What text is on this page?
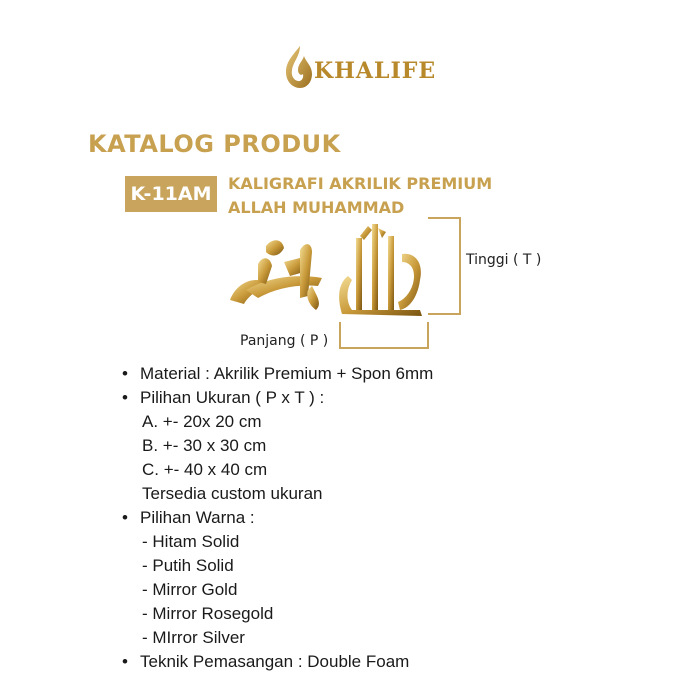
KHALIFE
KATALOG PRODUK
K-11AM	KALIGRAFI AKRILIK PREMIUM
ALLAH MUHAMMAD
Tinggi ( T )
Panjang ( P )
• Material : Akrilik Premium + Spon 6mm
• Pilihan Ukuran ( P x T ) :
A. +- 20x 20 cm
B. +- 30 x 30 cm
C. +- 40 x 40 cm
Tersedia custom ukuran
• Pilihan Warna :
- Hitam Solid
- Putih Solid
- Mirror Gold
- Mirror Rosegold
- MIrror Silver
• Teknik Pemasangan : Double Foam
